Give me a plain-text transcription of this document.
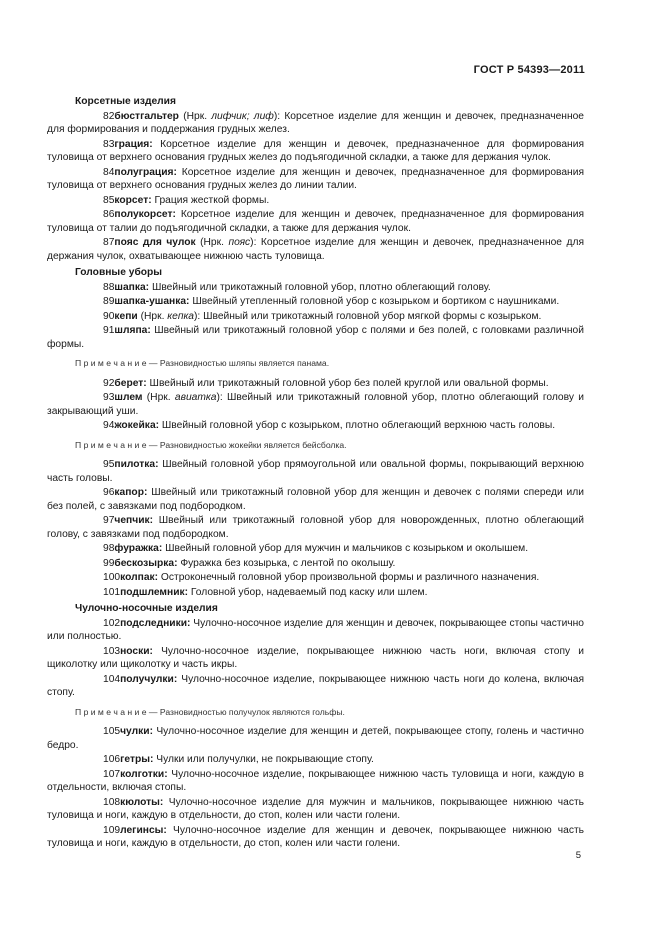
ГОСТ Р 54393—2011
Корсетные изделия
82бюстгальтер (Нрк. лифчик; лиф): Корсетное изделие для женщин и девочек, предназначенное для формирования и поддержания грудных желез.
83грация: Корсетное изделие для женщин и девочек, предназначенное для формирования туловища от верхнего основания грудных желез до подъягодичной складки, а также для держания чулок.
84полуграция: Корсетное изделие для женщин и девочек, предназначенное для формирования туловища от верхнего основания грудных желез до линии талии.
85корсет: Грация жесткой формы.
86полукорсет: Корсетное изделие для женщин и девочек, предназначенное для формирования туловища от талии до подъягодичной складки, а также для держания чулок.
87пояс для чулок (Нрк. пояс): Корсетное изделие для женщин и девочек, предназначенное для держания чулок, охватывающее нижнюю часть туловища.
Головные уборы
88шапка: Швейный или трикотажный головной убор, плотно облегающий голову.
89шапка-ушанка: Швейный утепленный головной убор с козырьком и бортиком с наушниками.
90кепи (Нрк. кепка): Швейный или трикотажный головной убор мягкой формы с козырьком.
91шляпа: Швейный или трикотажный головной убор с полями и без полей, с головками различной формы.
П р и м е ч а н и е — Разновидностью шляпы является панама.
92берет: Швейный или трикотажный головной убор без полей круглой или овальной формы.
93шлем (Нрк. авиатка): Швейный или трикотажный головной убор, плотно облегающий голову и закрывающий уши.
94жокейка: Швейный головной убор с козырьком, плотно облегающий верхнюю часть головы.
П р и м е ч а н и е — Разновидностью жокейки является бейсболка.
95пилотка: Швейный головной убор прямоугольной или овальной формы, покрывающий верхнюю часть головы.
96капор: Швейный или трикотажный головной убор для женщин и девочек с полями спереди или без полей, с завязками под подбородком.
97чепчик: Швейный или трикотажный головной убор для новорожденных, плотно облегающий голову, с завязками под подбородком.
98фуражка: Швейный головной убор для мужчин и мальчиков с козырьком и околышем.
99бескозырка: Фуражка без козырька, с лентой по околышу.
100колпак: Остроконечный головной убор произвольной формы и различного назначения.
101подшлемник: Головной убор, надеваемый под каску или шлем.
Чулочно-носочные изделия
102подследники: Чулочно-носочное изделие для женщин и девочек, покрывающее стопы частично или полностью.
103носки: Чулочно-носочное изделие, покрывающее нижнюю часть ноги, включая стопу и щиколотку или щиколотку и часть икры.
104получулки: Чулочно-носочное изделие, покрывающее нижнюю часть ноги до колена, включая стопу.
П р и м е ч а н и е — Разновидностью получулок являются гольфы.
105чулки: Чулочно-носочное изделие для женщин и детей, покрывающее стопу, голень и частично бедро.
106гетры: Чулки или получулки, не покрывающие стопу.
107колготки: Чулочно-носочное изделие, покрывающее нижнюю часть туловища и ноги, каждую в отдельности, включая стопы.
108кюлоты: Чулочно-носочное изделие для мужчин и мальчиков, покрывающее нижнюю часть туловища и ноги, каждую в отдельности, до стоп, колен или части голени.
109легинсы: Чулочно-носочное изделие для женщин и девочек, покрывающее нижнюю часть туловища и ноги, каждую в отдельности, до стоп, колен или части голени.
5
